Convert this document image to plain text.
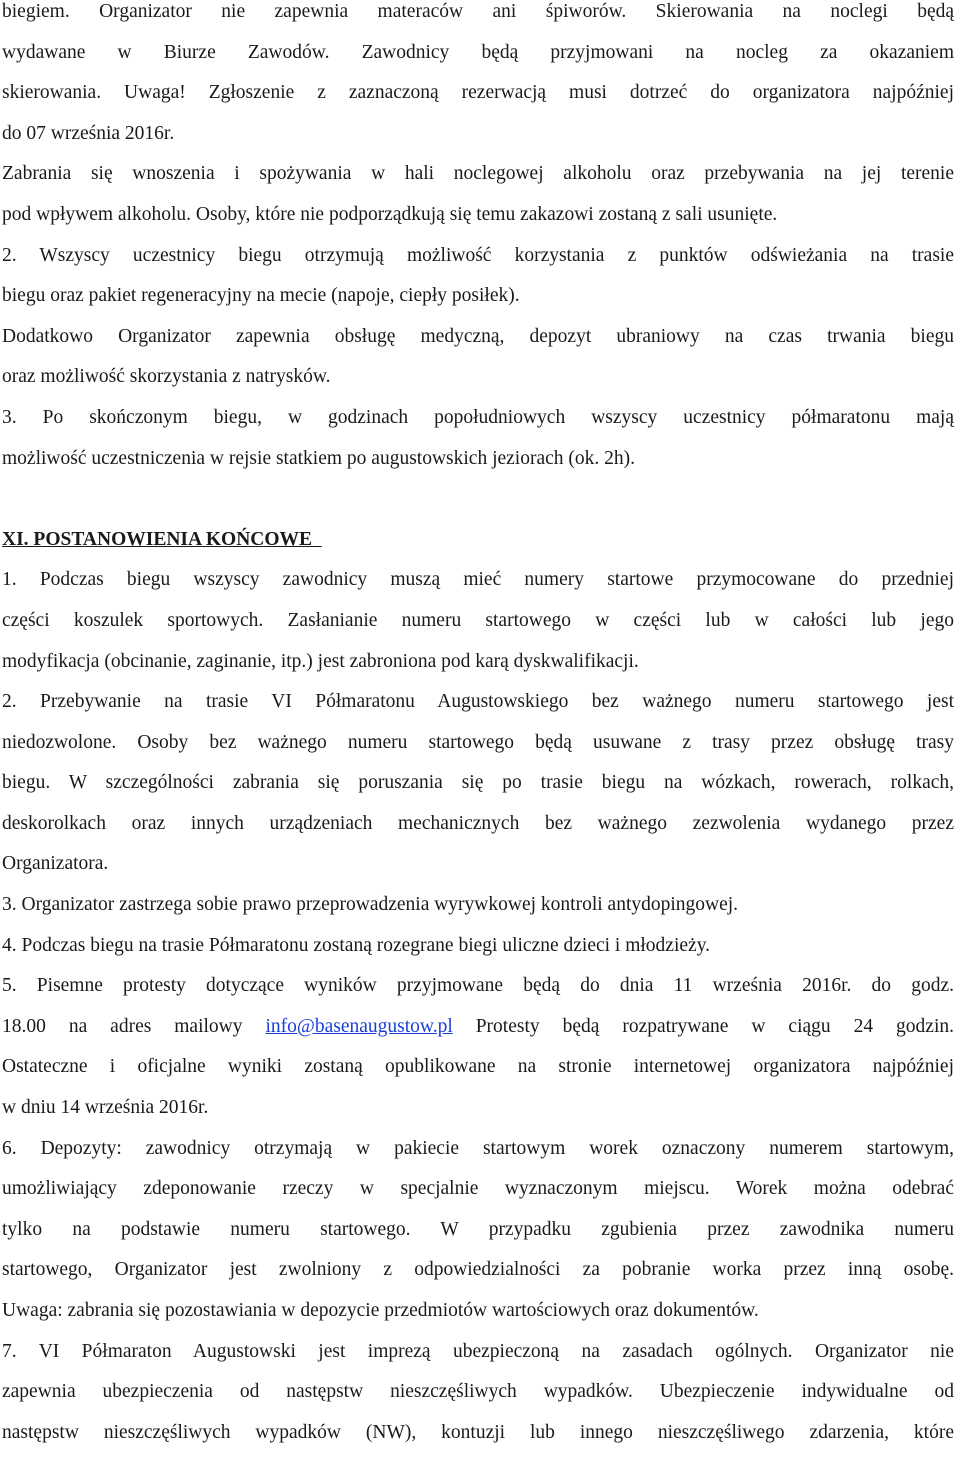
biegiem. Organizator nie zapewnia materaców ani śpiworów. Skierowania na noclegi będą
wydawane w Biurze Zawodów. Zawodnicy będą przyjmowani na nocleg za okazaniem
skierowania. Uwaga! Zgłoszenie z zaznaczoną rezerwacją musi dotrzeć do organizatora najpóźniej
do 07 września 2016r.
Zabrania się wnoszenia i spożywania w hali noclegowej alkoholu oraz przebywania na jej terenie
pod wpływem alkoholu. Osoby, które nie podporządkują się temu zakazowi zostaną z sali usunięte.
2. Wszyscy uczestnicy biegu otrzymują możliwość korzystania z punktów odświeżania na trasie
biegu oraz pakiet regeneracyjny na mecie (napoje, ciepły posiłek).
Dodatkowo Organizator zapewnia obsługę medyczną, depozyt ubraniowy na czas trwania biegu
oraz możliwość skorzystania z natrysków.
3. Po skończonym biegu, w godzinach popołudniowych wszyscy uczestnicy półmaratonu mają
możliwość uczestniczenia w rejsie statkiem po augustowskich jeziorach (ok. 2h).
XI. POSTANOWIENIA KOŃCOWE
1. Podczas biegu wszyscy zawodnicy muszą mieć numery startowe przymocowane do przedniej
części koszulek sportowych. Zasłanianie numeru startowego w części lub w całości lub jego
modyfikacja (obcinanie, zaginanie, itp.) jest zabroniona pod karą dyskwalifikacji.
2. Przebywanie na trasie VI Półmaratonu Augustowskiego bez ważnego numeru startowego jest
niedozwolone. Osoby bez ważnego numeru startowego będą usuwane z trasy przez obsługę trasy
biegu. W szczególności zabrania się poruszania się po trasie biegu na wózkach, rowerach, rolkach,
deskorolkach oraz innych urządzeniach mechanicznych bez ważnego zezwolenia wydanego przez
Organizatora.
3. Organizator zastrzega sobie prawo przeprowadzenia wyrywkowej kontroli antydopingowej.
4. Podczas biegu na trasie Półmaratonu zostaną rozegrane biegi uliczne dzieci i młodzieży.
5. Pisemne protesty dotyczące wyników przyjmowane będą do dnia 11 września 2016r. do godz.
18.00 na adres mailowy info@basenaugustow.pl Protesty będą rozpatrywane w ciągu 24 godzin.
Ostateczne i oficjalne wyniki zostaną opublikowane na stronie internetowej organizatora najpóźniej
w dniu 14 września 2016r.
6. Depozyty: zawodnicy otrzymają w pakiecie startowym worek oznaczony numerem startowym,
umożliwiający zdeponowanie rzeczy w specjalnie wyznaczonym miejscu. Worek można odebrać
tylko na podstawie numeru startowego. W przypadku zgubienia przez zawodnika numeru
startowego, Organizator jest zwolniony z odpowiedzialności za pobranie worka przez inną osobę.
Uwaga: zabrania się pozostawiania w depozycie przedmiotów wartościowych oraz dokumentów.
7. VI Półmaraton Augustowski jest imprezą ubezpieczoną na zasadach ogólnych. Organizator nie
zapewnia ubezpieczenia od następstw nieszczęśliwych wypadków. Ubezpieczenie indywidualne od
następstw nieszczęśliwych wypadków (NW), kontuzji lub innego nieszczęśliwego zdarzenia, które
